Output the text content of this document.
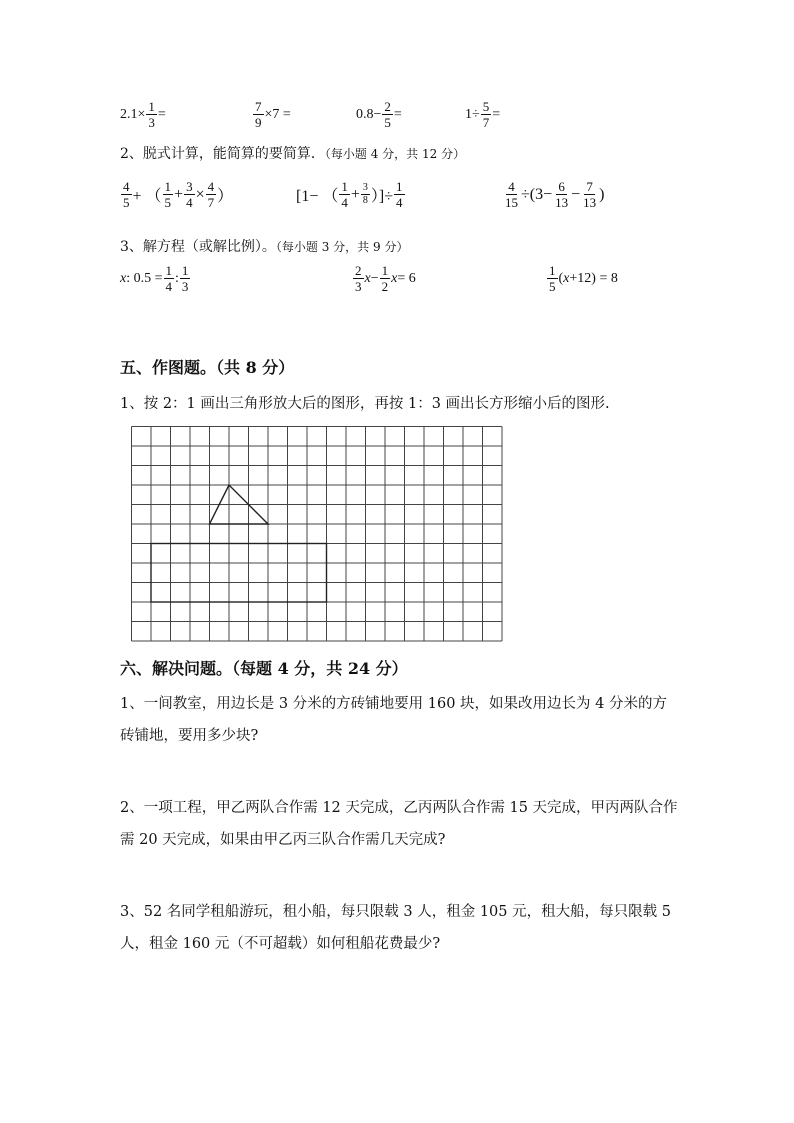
$2.1\times \frac{1}{3}$ =	$\frac{7}{9} \times 7$ =	$0.8- \frac{2}{5}$ =	$1\div \frac{5}{7}$ =
2、脱式计算，能简算的要简算．（每小题 4 分，共 12 分）
$\frac{4}{5}$ + （ $\frac{1}{5} + \frac{3}{4} \times \frac{4}{7}$ ）	[1− （ $\frac{1}{4} + \frac{3}{8}$ ）]÷ $\frac{1}{4}$	$\frac{4}{15} \div(3- \frac{6}{13} - \frac{7}{13}$ )
3、解方程（或解比例）。（每小题 3 分，共 9 分）
x : $0.5 = \frac{1}{4}$ : $\frac{1}{3}$	$\frac{2}{3}$ $x - \frac{1}{2}$ x = 6	$\frac{1}{5}$ ( x +12) = 8
五、作图题。（共 8 分）
1、按 2：1 画出三角形放大后的图形，再按 1：3 画出长方形缩小后的图形.
六、解决问题。（每题 4 分，共 24 分）
1、一间教室，用边长是 3 分米的方砖铺地要用 160 块，如果改用边长为 4 分米的方砖铺地，要用多少块?
2、一项工程，甲乙两队合作需 12 天完成，乙丙两队合作需 15 天完成，甲丙两队合作需 20 天完成，如果由甲乙丙三队合作需几天完成?
3、52 名同学租船游玩，租小船，每只限载 3 人，租金 105 元，租大船，每只限载 5 人，租金 160 元（不可超载）如何租船花费最少?
